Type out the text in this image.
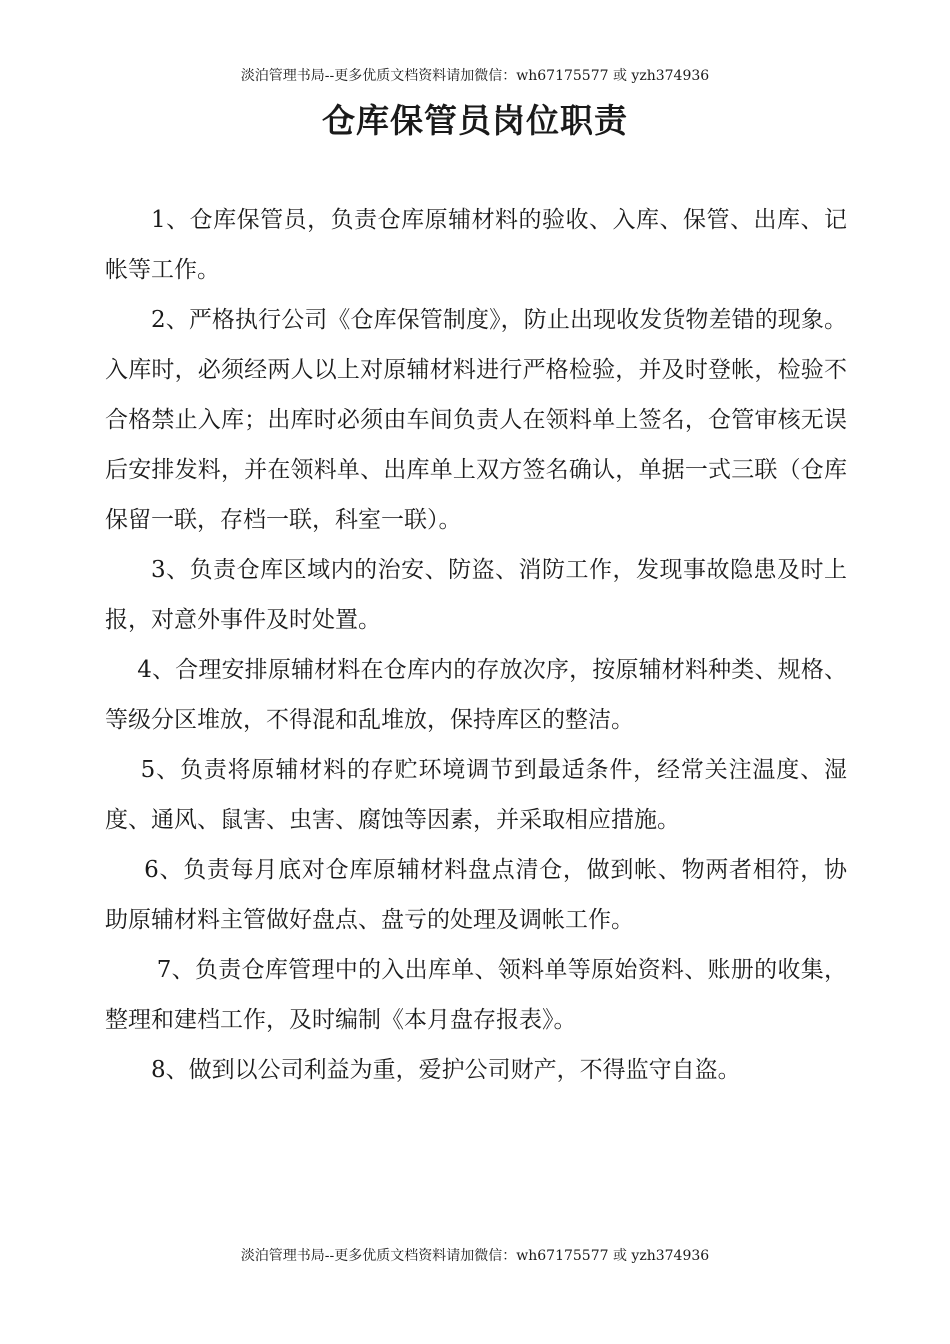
淡泊管理书局--更多优质文档资料请加微信：wh67175577 或 yzh374936
仓库保管员岗位职责

1、仓库保管员，负责仓库原辅材料的验收、入库、保管、出库、记帐等工作。

2、严格执行公司《仓库保管制度》，防止出现收发货物差错的现象。入库时，必须经两人以上对原辅材料进行严格检验，并及时登帐，检验不合格禁止入库；出库时必须由车间负责人在领料单上签名，仓管审核无误后安排发料，并在领料单、出库单上双方签名确认，单据一式三联（仓库保留一联，存档一联，科室一联）。

3、负责仓库区域内的治安、防盗、消防工作，发现事故隐患及时上报，对意外事件及时处置。

4、合理安排原辅材料在仓库内的存放次序，按原辅材料种类、规格、等级分区堆放，不得混和乱堆放，保持库区的整洁。

5、负责将原辅材料的存贮环境调节到最适条件，经常关注温度、湿度、通风、鼠害、虫害、腐蚀等因素，并采取相应措施。

6、负责每月底对仓库原辅材料盘点清仓，做到帐、物两者相符，协助原辅材料主管做好盘点、盘亏的处理及调帐工作。

7、负责仓库管理中的入出库单、领料单等原始资料、账册的收集，整理和建档工作，及时编制《本月盘存报表》。

8、做到以公司利益为重，爱护公司财产，不得监守自盗。

淡泊管理书局--更多优质文档资料请加微信：wh67175577 或 yzh374936
